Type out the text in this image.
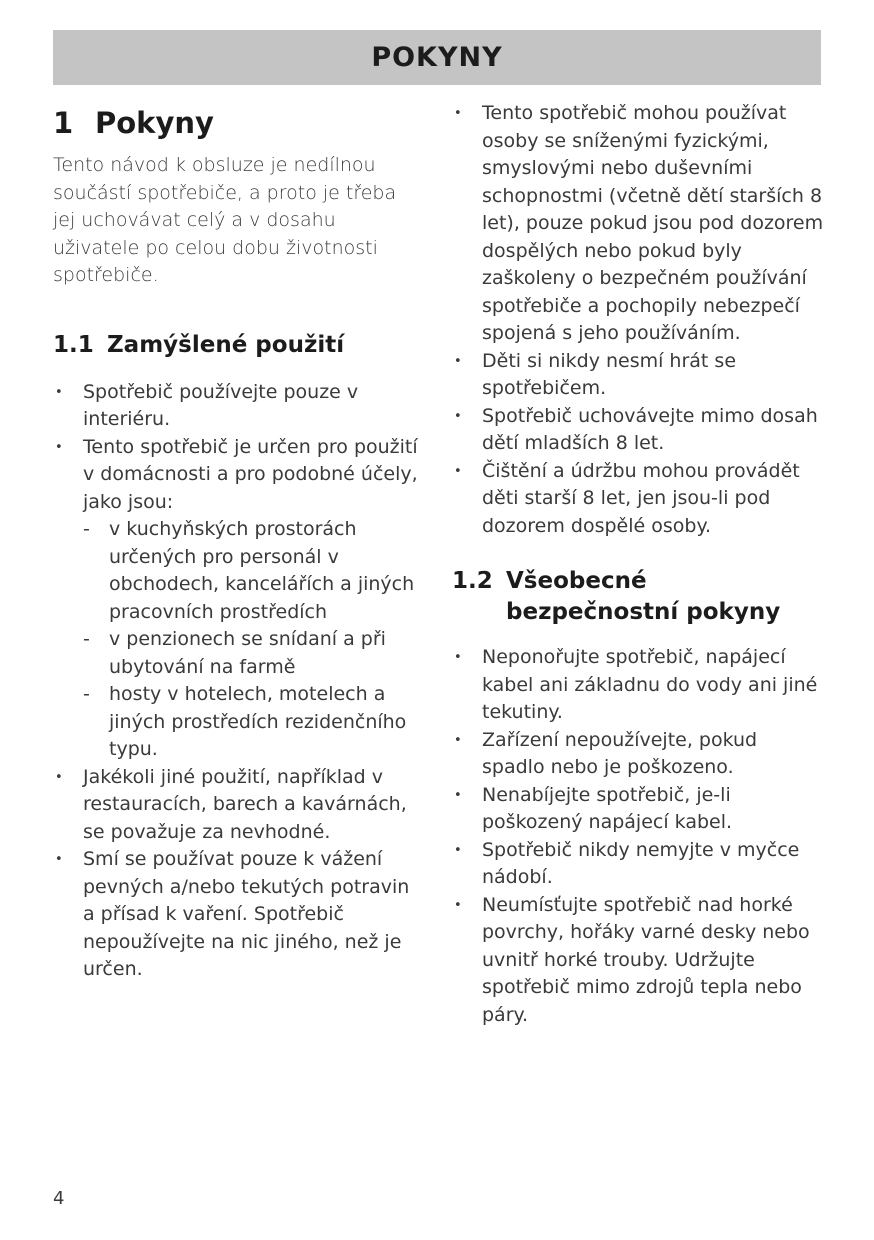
POKYNY
1 Pokyny

Tento návod k obsluze je nedílnou součástí spotřebiče, a proto je třeba jej uchovávat celý a v dosahu uživatele po celou dobu životnosti spotřebiče.

1.1 Zamýšlené použití
• Spotřebič používejte pouze v interiéru.
• Tento spotřebič je určen pro použití v domácnosti a pro podobné účely, jako jsou:
- v kuchyňských prostorách určených pro personál v obchodech, kancelářích a jiných pracovních prostředích
- v penzionech se snídaní a při ubytování na farmě
- hosty v hotelech, motelech a jiných prostředích rezidenčního typu.
• Jakékoli jiné použití, například v restauracích, barech a kavárnách, se považuje za nevhodné.
• Smí se používat pouze k vážení pevných a/nebo tekutých potravin a přísad k vaření. Spotřebič nepoužívejte na nic jiného, než je určen.
• Tento spotřebič mohou používat osoby se sníženými fyzickými, smyslovými nebo duševními schopnostmi (včetně dětí starších 8 let), pouze pokud jsou pod dozorem dospělých nebo pokud byly zaškoleny o bezpečném používání spotřebiče a pochopily nebezpečí spojená s jeho používáním.
• Děti si nikdy nesmí hrát se spotřebičem.
• Spotřebič uchovávejte mimo dosah dětí mladších 8 let.
• Čištění a údržbu mohou provádět děti starší 8 let, jen jsou-li pod dozorem dospělé osoby.
1.2 Všeobecné bezpečnostní pokyny
• Neponořujte spotřebič, napájecí kabel ani základnu do vody ani jiné tekutiny.
• Zařízení nepoužívejte, pokud spadlo nebo je poškozeno.
• Nenabíjejte spotřebič, je-li poškozený napájecí kabel.
• Spotřebič nikdy nemyjte v myčce nádobí.
• Neumísťujte spotřebič nad horké povrchy, hořáky varné desky nebo uvnitř horké trouby. Udržujte spotřebič mimo zdrojů tepla nebo páry.
4
